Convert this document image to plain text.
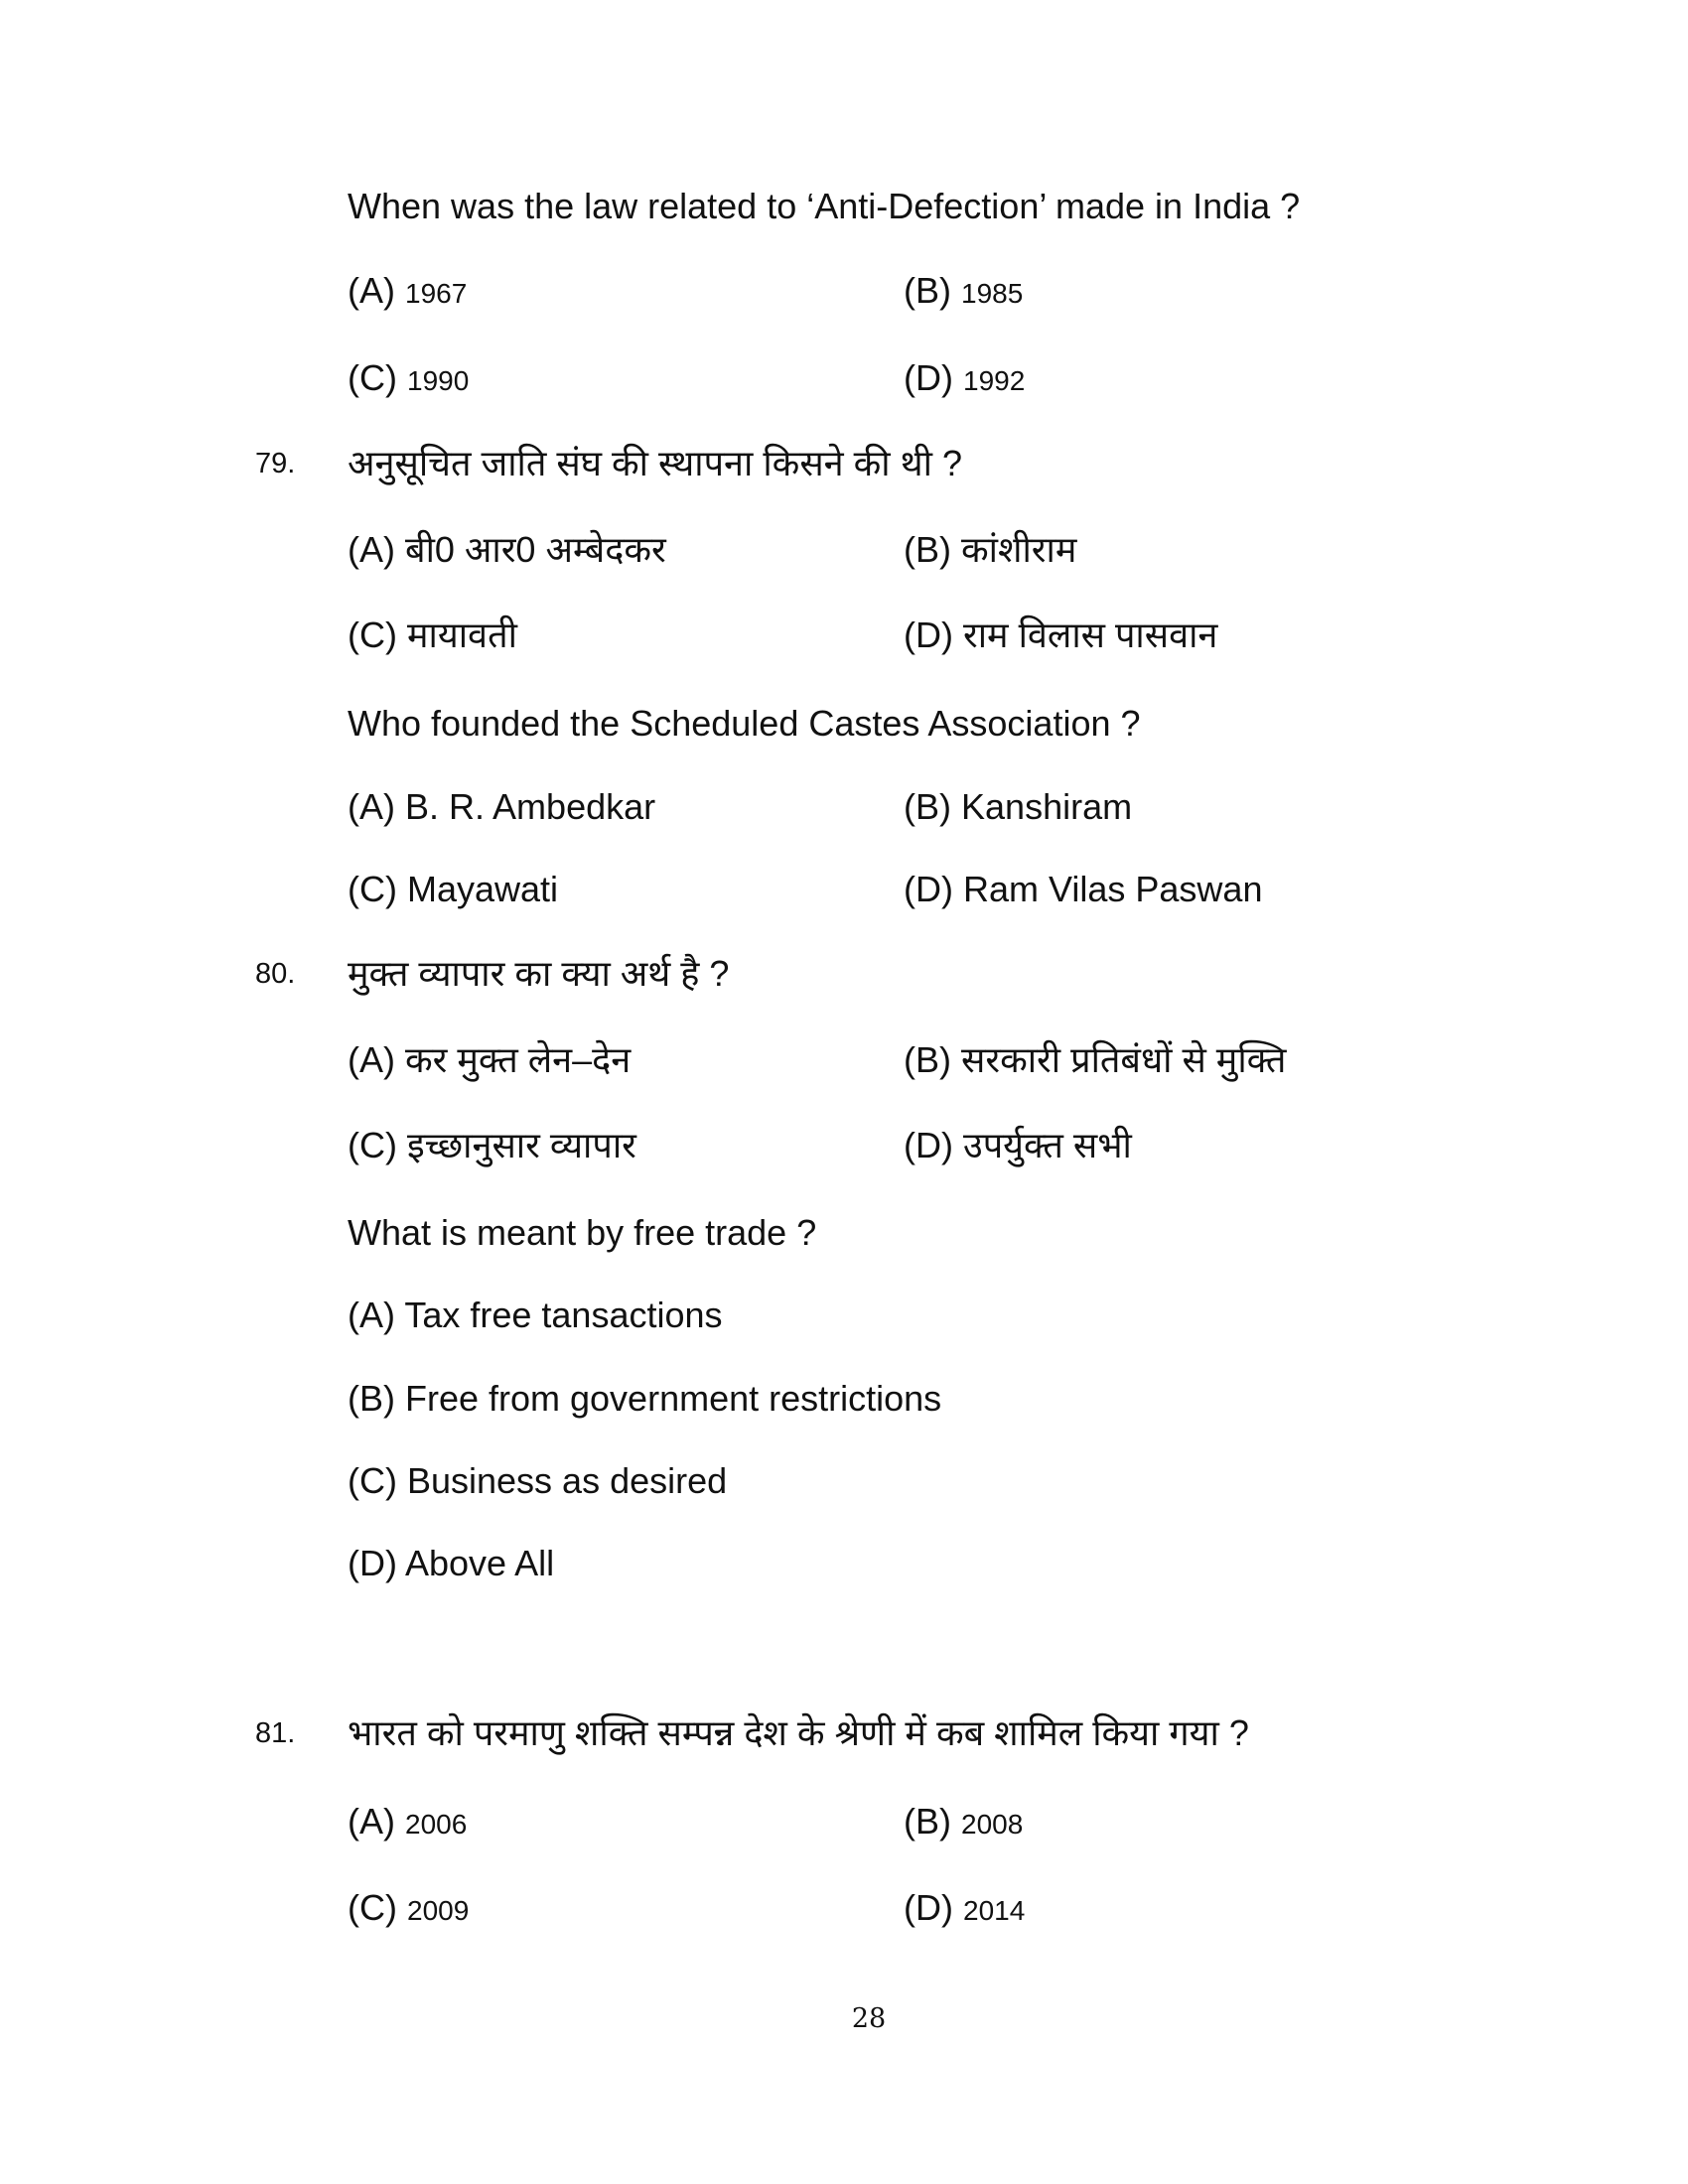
When was the law related to ‘Anti-Defection’ made in India ?
(A) 1967	(B) 1985
(C) 1990	(D) 1992
79. अनुसूचित जाति संघ की स्थापना किसने की थी ?
(A) बी0 आर0 अम्बेदकर	(B) कांशीराम
(C) मायावती	(D) राम विलास पासवान
Who founded the Scheduled Castes Association ?
(A) B. R. Ambedkar	(B) Kanshiram
(C) Mayawati	(D) Ram Vilas Paswan
80. मुक्त व्यापार का क्या अर्थ है ?
(A) कर मुक्त लेन–देन	(B) सरकारी प्रतिबंधों से मुक्ति
(C) इच्छानुसार व्यापार	(D) उपर्युक्त सभी
What is meant by free trade ?
(A) Tax free tansactions
(B) Free from government restrictions
(C) Business as desired
(D) Above All
81. भारत को परमाणु शक्ति सम्पन्न देश के श्रेणी में कब शामिल किया गया ?
(A) 2006	(B) 2008
(C) 2009	(D) 2014
28
